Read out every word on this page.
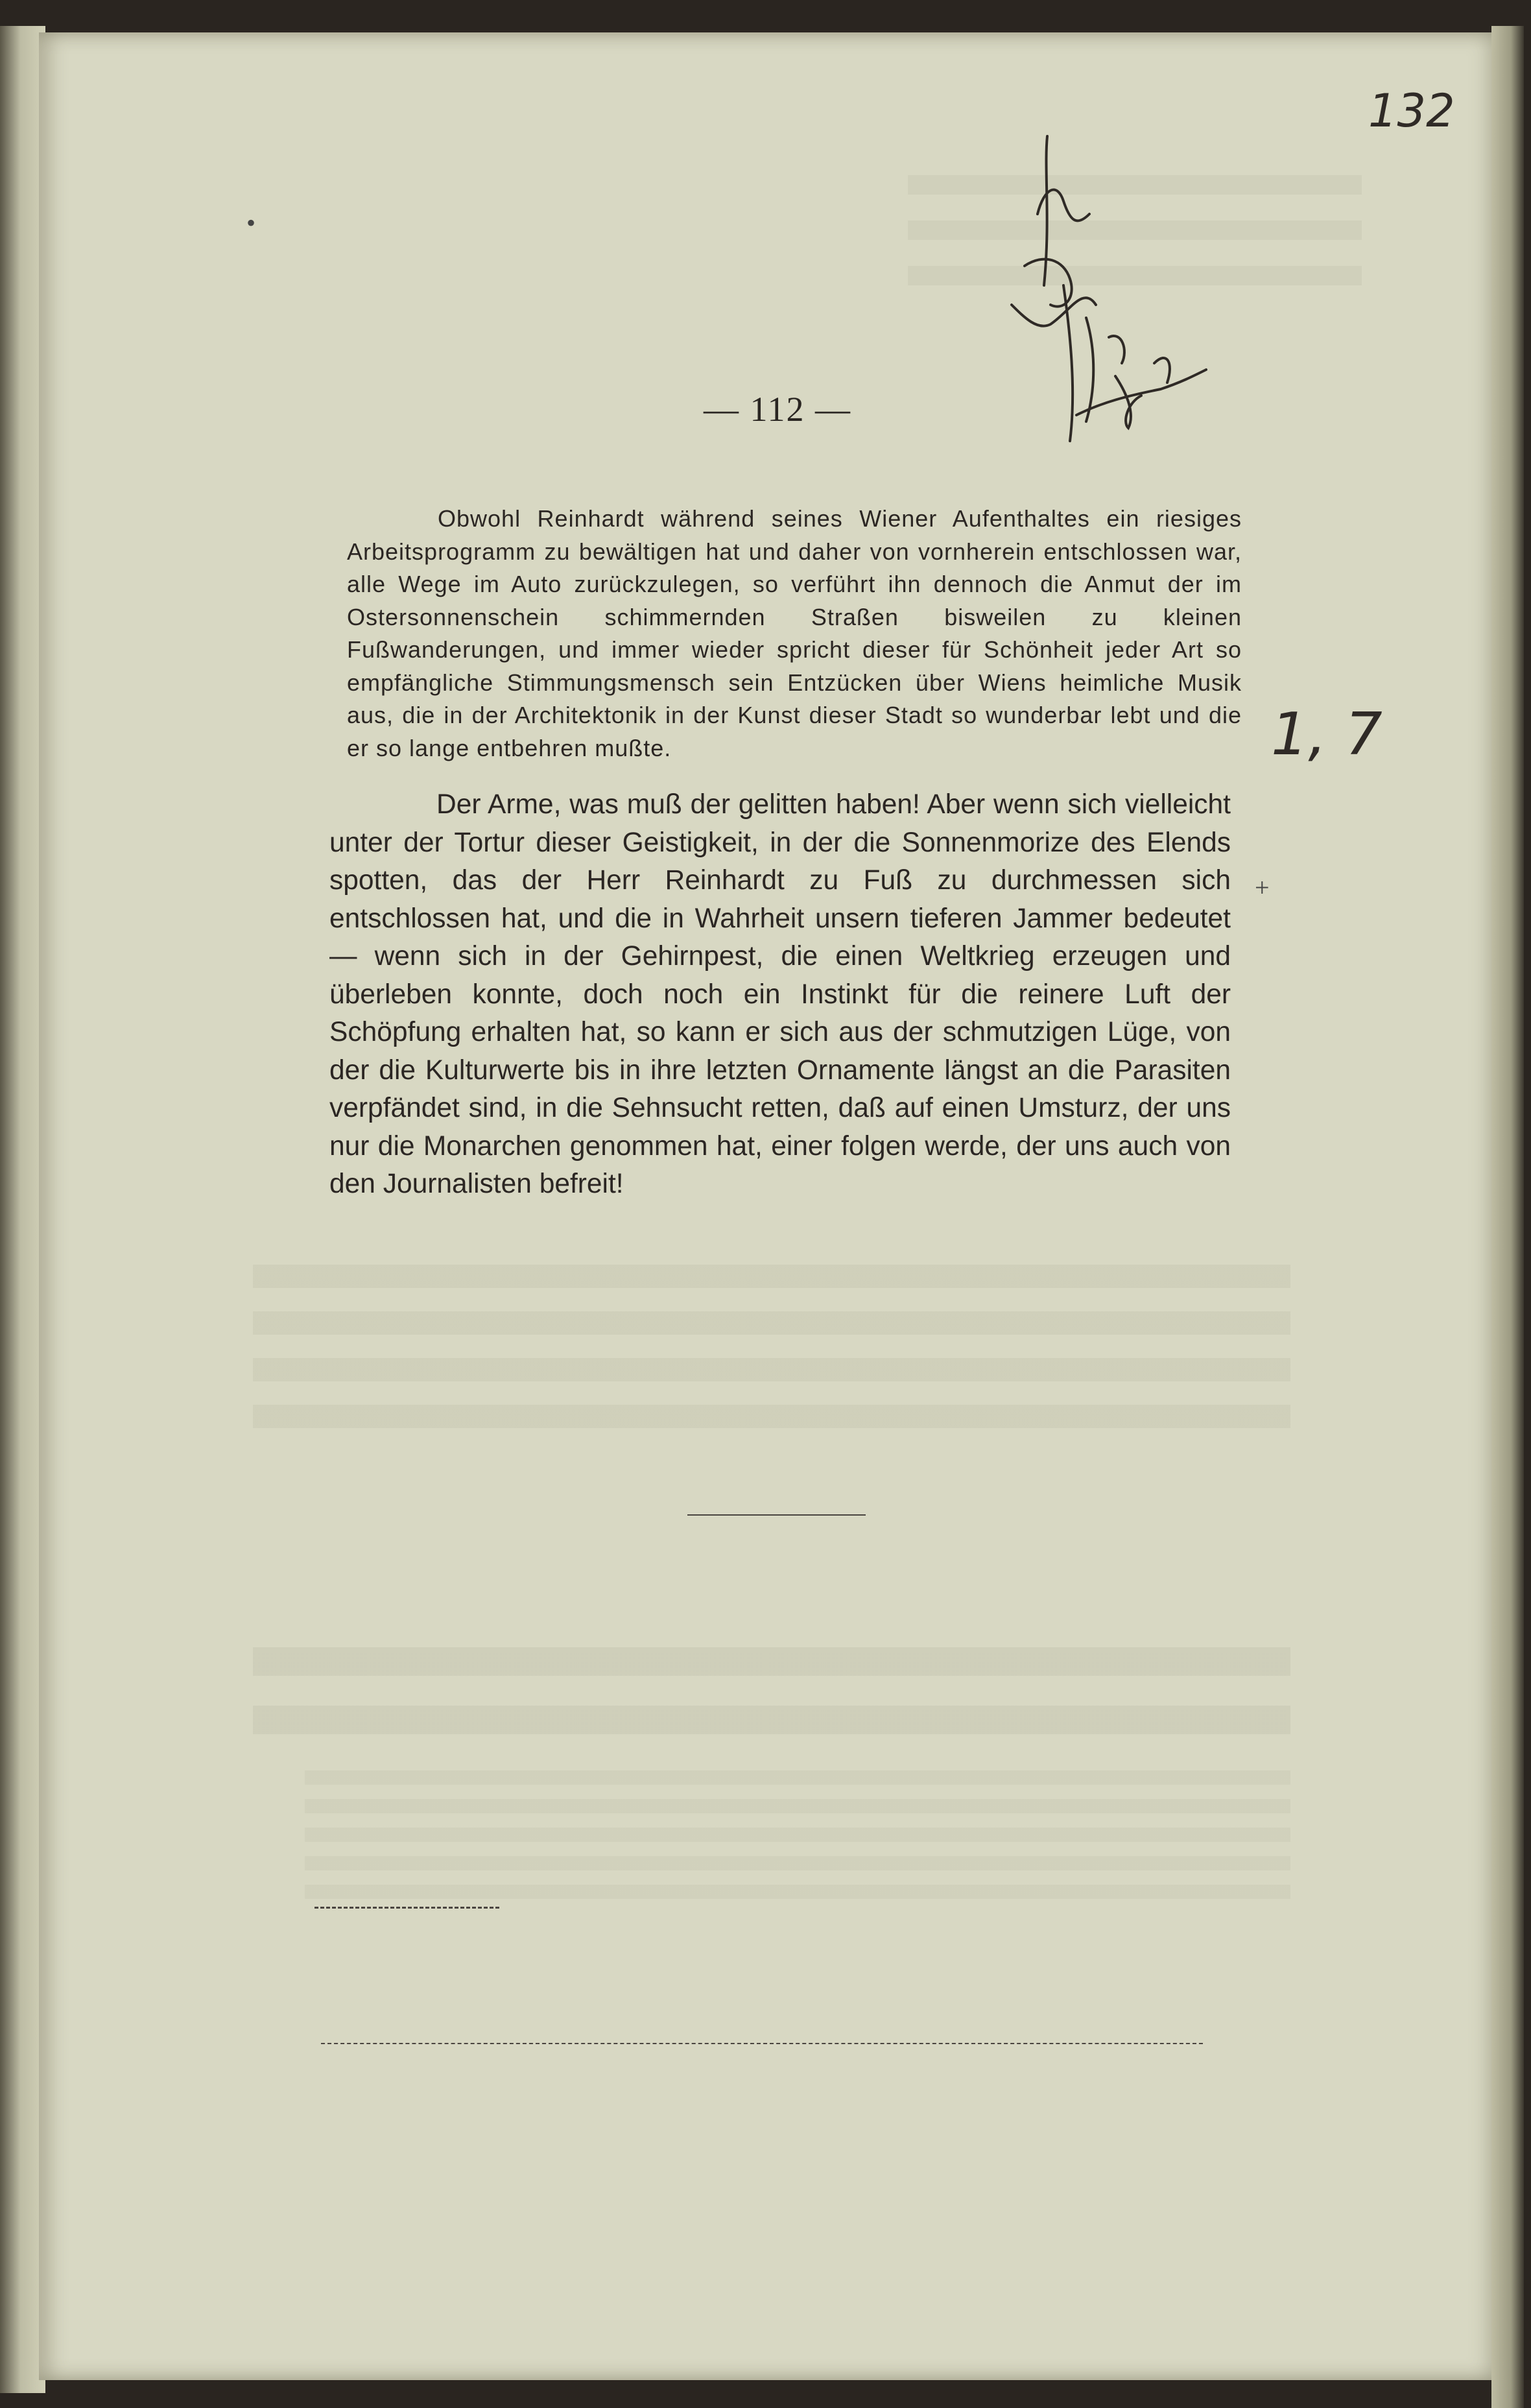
132
— 112 —

Obwohl Reinhardt während seines Wiener Aufenthaltes ein riesiges Arbeitsprogramm zu bewältigen hat und daher von vornherein entschlossen war, alle Wege im Auto zurückzulegen, so verführt ihn dennoch die Anmut der im Ostersonnenschein schimmernden Straßen bisweilen zu kleinen Fußwanderungen, und immer wieder spricht dieser für Schönheit jeder Art so empfängliche Stimmungsmensch sein Entzücken über Wiens heimliche Musik aus, die in der Architektonik in der Kunst dieser Stadt so wunderbar lebt und die er so lange entbehren mußte.

Der Arme, was muß der gelitten haben! Aber wenn sich vielleicht unter der Tortur dieser Geistigkeit, in der die Sonnenmorize des Elends spotten, das der Herr Reinhardt zu Fuß zu durchmessen sich entschlossen hat, und die in Wahrheit unsern tieferen Jammer bedeutet — wenn sich in der Gehirnpest, die einen Weltkrieg erzeugen und überleben konnte, doch noch ein Instinkt für die reinere Luft der Schöpfung erhalten hat, so kann er sich aus der schmutzigen Lüge, von der die Kulturwerte bis in ihre letzten Ornamente längst an die Parasiten verpfändet sind, in die Sehnsucht retten, daß auf einen Umsturz, der uns nur die Monarchen genommen hat, einer folgen werde, der uns auch von den Journalisten befreit!

1, 7
+
•
